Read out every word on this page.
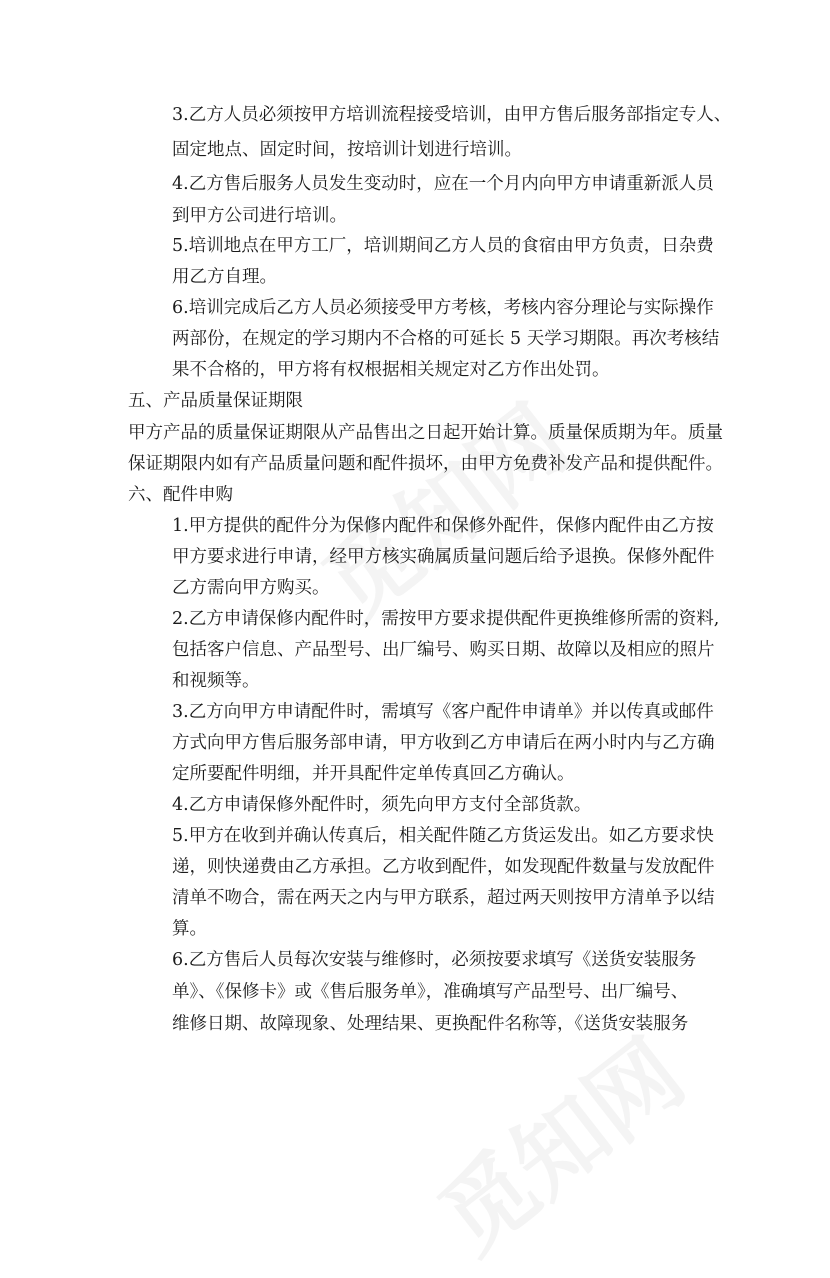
3.乙方人员必须按甲方培训流程接受培训，由甲方售后服务部指定专人、
固定地点、固定时间，按培训计划进行培训。
4.乙方售后服务人员发生变动时，应在一个月内向甲方申请重新派人员
到甲方公司进行培训。
5.培训地点在甲方工厂，培训期间乙方人员的食宿由甲方负责，日杂费
用乙方自理。
6.培训完成后乙方人员必须接受甲方考核，考核内容分理论与实际操作
两部份，在规定的学习期内不合格的可延长 5 天学习期限。再次考核结
果不合格的，甲方将有权根据相关规定对乙方作出处罚。
五、产品质量保证期限
甲方产品的质量保证期限从产品售出之日起开始计算。质量保质期为年。质量
保证期限内如有产品质量问题和配件损坏，由甲方免费补发产品和提供配件。
六、配件申购
1.甲方提供的配件分为保修内配件和保修外配件，保修内配件由乙方按
甲方要求进行申请，经甲方核实确属质量问题后给予退换。保修外配件
乙方需向甲方购买。
2.乙方申请保修内配件时，需按甲方要求提供配件更换维修所需的资料,
包括客户信息、产品型号、出厂编号、购买日期、故障以及相应的照片
和视频等。
3.乙方向甲方申请配件时，需填写《客户配件申请单》并以传真或邮件
方式向甲方售后服务部申请，甲方收到乙方申请后在两小时内与乙方确
定所要配件明细，并开具配件定单传真回乙方确认。
4.乙方申请保修外配件时，须先向甲方支付全部货款。
5.甲方在收到并确认传真后，相关配件随乙方货运发出。如乙方要求快
递，则快递费由乙方承担。乙方收到配件，如发现配件数量与发放配件
清单不吻合，需在两天之内与甲方联系，超过两天则按甲方清单予以结
算。
6.乙方售后人员每次安装与维修时，必须按要求填写《送货安装服务
单》、《保修卡》或《售后服务单》，准确填写产品型号、出厂编号、
维修日期、故障现象、处理结果、更换配件名称等，《送货安装服务
